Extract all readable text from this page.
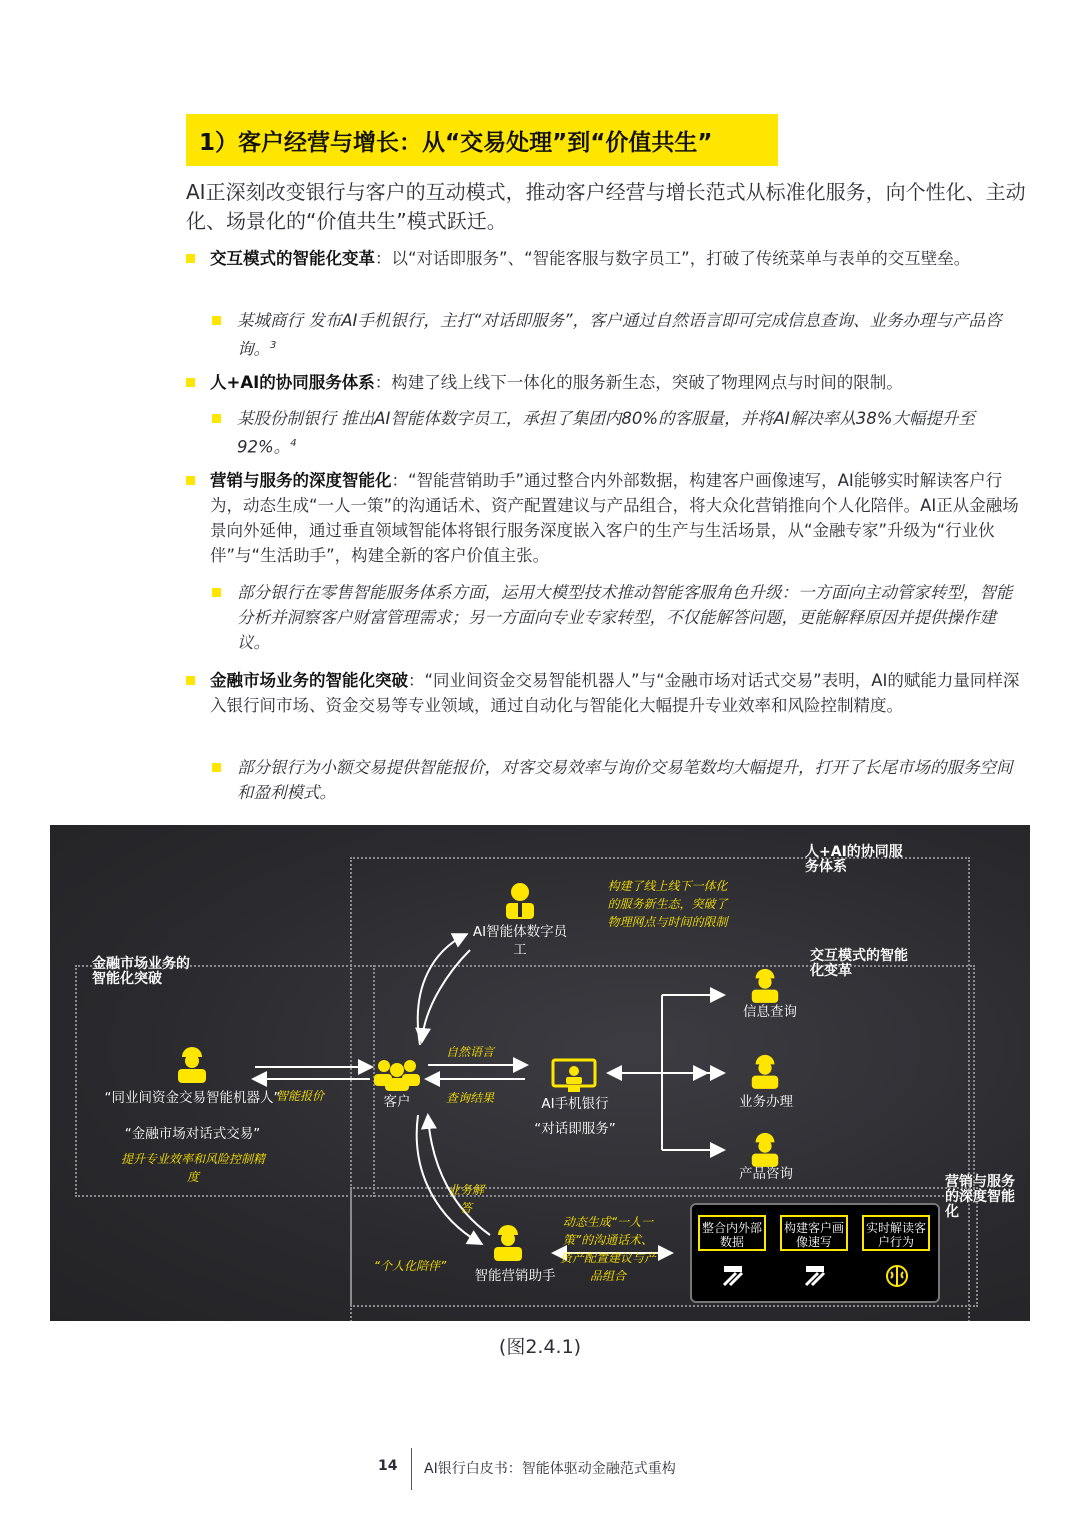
1）客户经营与增长：从“交易处理”到“价值共生”
AI正深刻改变银行与客户的互动模式，推动客户经营与增长范式从标准化服务，向个性化、主动化、场景化的“价值共生”模式跃迁。
交互模式的智能化变革：以“对话即服务”、“智能客服与数字员工”，打破了传统菜单与表单的交互壁垒。
某城商行 发布AI手机银行，主打“对话即服务”，客户通过自然语言即可完成信息查询、业务办理与产品咨询。$^3$
人+AI的协同服务体系：构建了线上线下一体化的服务新生态，突破了物理网点与时间的限制。
某股份制银行 推出AI智能体数字员工，承担了集团内80%的客服量，并将AI解决率从38%大幅提升至92%。$^4$
营销与服务的深度智能化：“智能营销助手”通过整合内外部数据，构建客户画像速写，AI能够实时解读客户行为，动态生成“一人一策”的沟通话术、资产配置建议与产品组合，将大众化营销推向个人化陪伴。AI正从金融场景向外延伸，通过垂直领域智能体将银行服务深度嵌入客户的生产与生活场景，从“金融专家”升级为“行业伙伴”与“生活助手”，构建全新的客户价值主张。
部分银行在零售智能服务体系方面，运用大模型技术推动智能客服角色升级：一方面向主动管家转型，智能分析并洞察客户财富管理需求；另一方面向专业专家转型，不仅能解答问题，更能解释原因并提供操作建议。
金融市场业务的智能化突破：“同业间资金交易智能机器人”与“金融市场对话式交易”表明，AI的赋能力量同样深入银行间市场、资金交易等专业领域，通过自动化与智能化大幅提升专业效率和风险控制精度。
部分银行为小额交易提供智能报价，对客交易效率与询价交易笔数均大幅提升，打开了长尾市场的服务空间和盈利模式。
人+AI的协同服务体系
交互模式的智能化变革
金融市场业务的智能化突破
营销与服务的深度智能化
AI智能体数字员工
构建了线上线下一体化的服务新生态，突破了物理网点与时间的限制
“同业间资金交易智能机器人”
“金融市场对话式交易”
提升专业效率和风险控制精度
智能报价	客户
自然语言
查询结果	AI手机银行
“对话即服务”
信息查询
业务办理
产品咨询
智能营销助手
业务解答
“个人化陪伴”
动态生成“一人一策”的沟通话术、资产配置建议与产品组合
整合内外部数据
构建客户画像速写
实时解读客户行为
(图2.4.1)
14 AI银行白皮书：智能体驱动金融范式重构
